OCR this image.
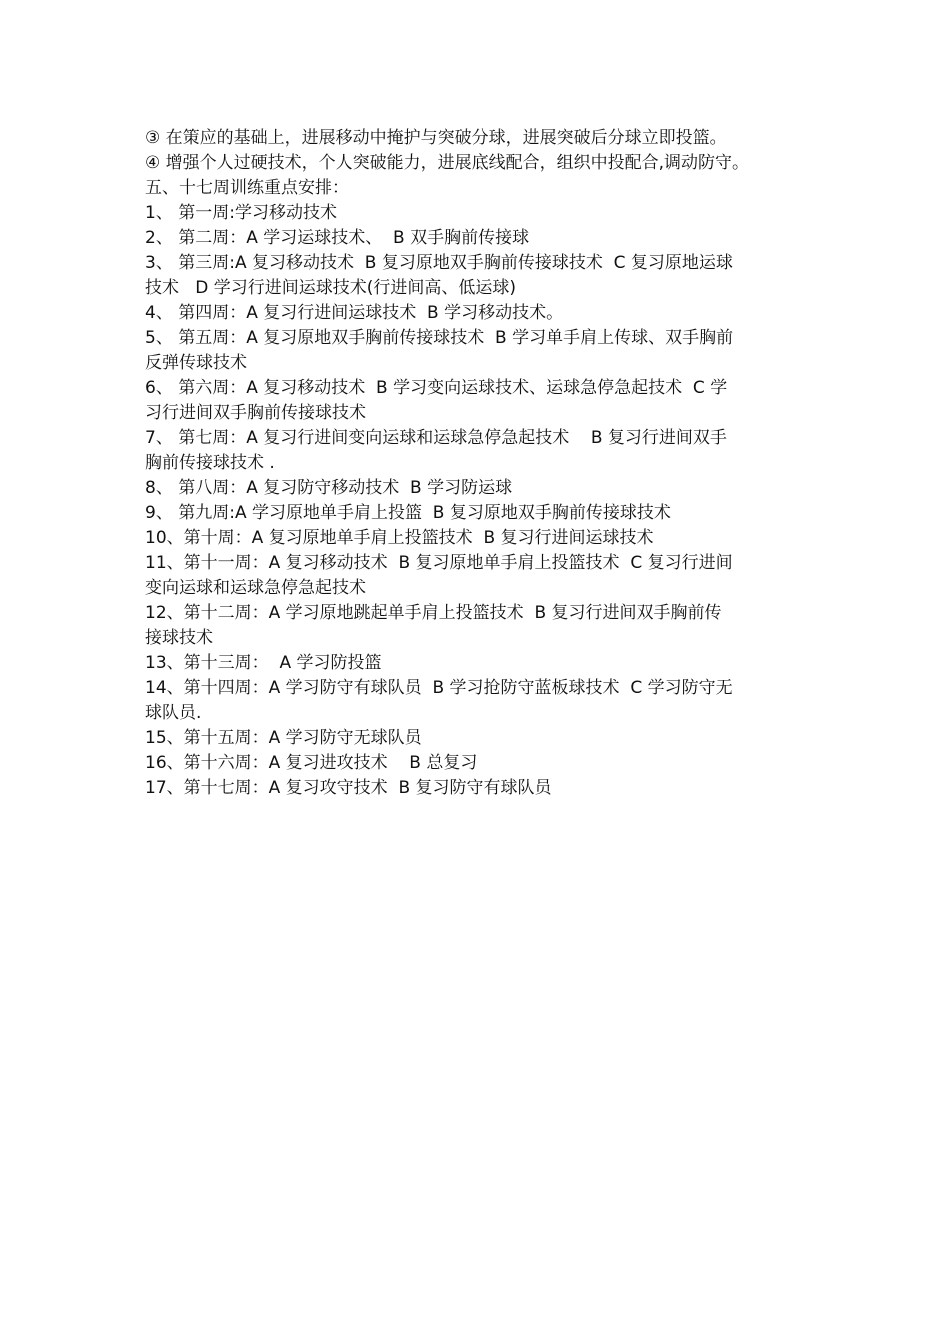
③ 在策应的基础上，进展移动中掩护与突破分球，进展突破后分球立即投篮。
④ 增强个人过硬技术，个人突破能力，进展底线配合，组织中投配合,调动防守。
五、十七周训练重点安排：
1、 第一周:学习移动技术
2、 第二周：A 学习运球技术、  B 双手胸前传接球
3、 第三周:A 复习移动技术  B 复习原地双手胸前传接球技术  C 复习原地运球
技术   D 学习行进间运球技术(行进间高、低运球)
4、 第四周：A 复习行进间运球技术  B 学习移动技术。
5、 第五周：A 复习原地双手胸前传接球技术  B 学习单手肩上传球、双手胸前
反弹传球技术
6、 第六周：A 复习移动技术  B 学习变向运球技术、运球急停急起技术  C 学
习行进间双手胸前传接球技术
7、 第七周：A 复习行进间变向运球和运球急停急起技术    B 复习行进间双手
胸前传接球技术 .
8、 第八周：A 复习防守移动技术  B 学习防运球
9、 第九周:A 学习原地单手肩上投篮  B 复习原地双手胸前传接球技术
10、第十周：A 复习原地单手肩上投篮技术  B 复习行进间运球技术
11、第十一周：A 复习移动技术  B 复习原地单手肩上投篮技术  C 复习行进间
变向运球和运球急停急起技术
12、第十二周：A 学习原地跳起单手肩上投篮技术  B 复习行进间双手胸前传
接球技术
13、第十三周：  A 学习防投篮
14、第十四周：A 学习防守有球队员  B 学习抢防守蓝板球技术  C 学习防守无
球队员.
15、第十五周：A 学习防守无球队员
16、第十六周：A 复习进攻技术    B 总复习
17、第十七周：A 复习攻守技术  B 复习防守有球队员
